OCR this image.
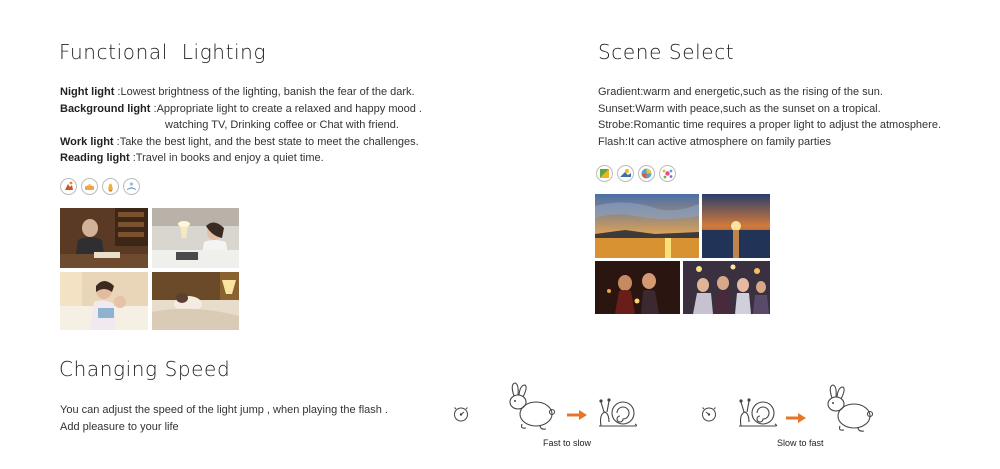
Functional  Lighting
Night light :Lowest brightness of the lighting, banish the fear of the dark.
Background light :Appropriate light to create a relaxed and happy mood .
watching TV, Drinking coffee or Chat with friend.
Work light :Take the best light, and the best state to meet the challenges.
Reading light :Travel in books and enjoy a quiet time.
Scene Select
Gradient:warm and energetic,such as the rising of the sun.
Sunset:Warm with peace,such as the sunset on a tropical.
Strobe:Romantic time requires a proper light to adjust the atmosphere.
Flash:It can active atmosphere on family parties
Changing Speed
You can adjust the speed of the light jump , when playing the flash .
Add pleasure to your life
Fast to slow	Slow to fast
